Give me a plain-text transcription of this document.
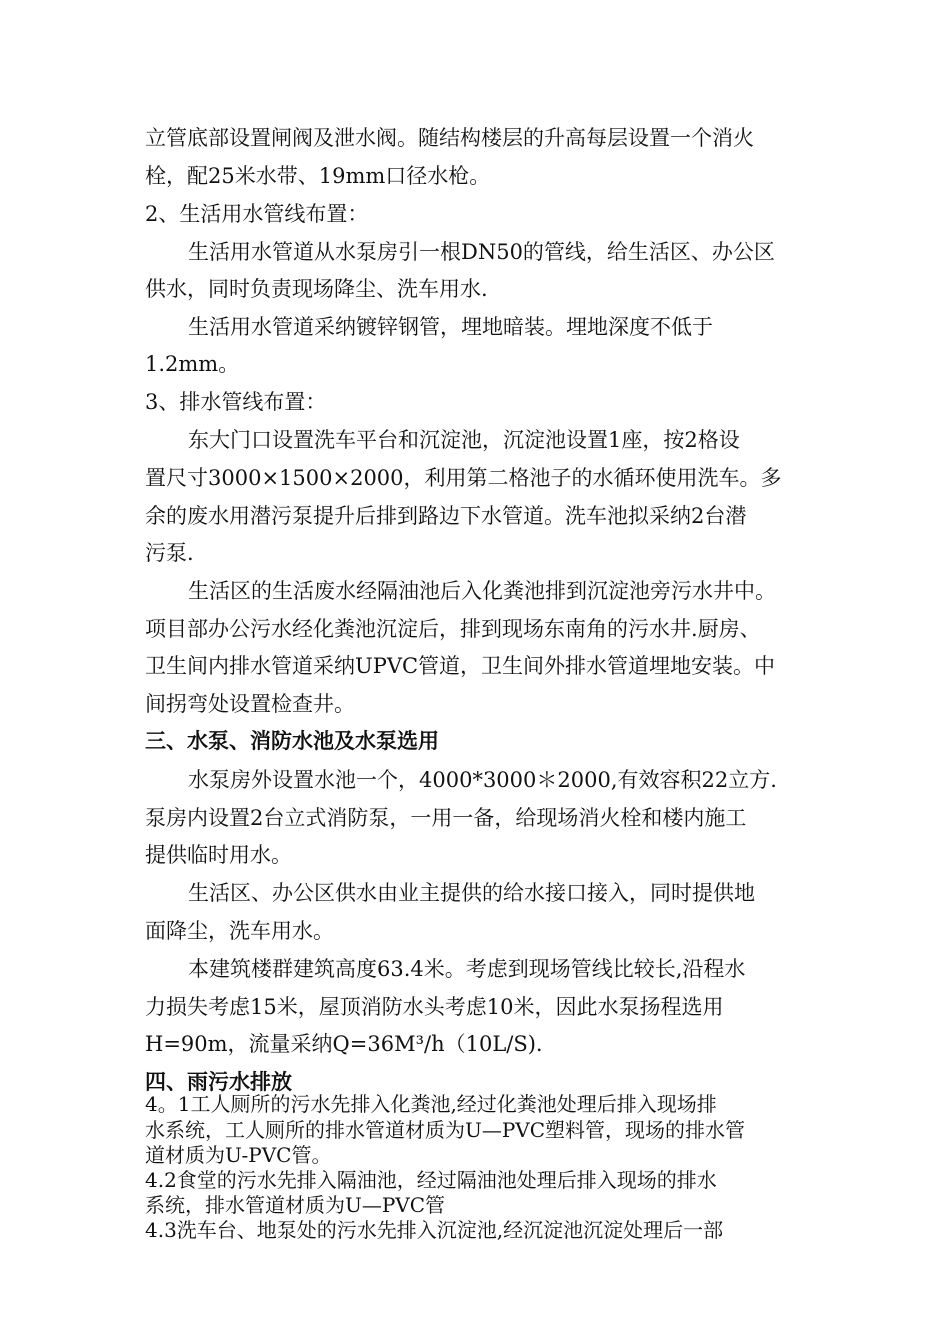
立管底部设置闸阀及泄水阀。随结构楼层的升高每层设置一个消火
栓，配25米水带、19mm口径水枪。
2、生活用水管线布置：
生活用水管道从水泵房引一根DN50的管线，给生活区、办公区
供水，同时负责现场降尘、洗车用水.
生活用水管道采纳镀锌钢管，埋地暗装。埋地深度不低于
1.2mm。
3、排水管线布置：
东大门口设置洗车平台和沉淀池，沉淀池设置1座，按2格设
置尺寸3000×1500×2000，利用第二格池子的水循环使用洗车。多
余的废水用潜污泵提升后排到路边下水管道。洗车池拟采纳2台潜
污泵.
生活区的生活废水经隔油池后入化粪池排到沉淀池旁污水井中。
项目部办公污水经化粪池沉淀后，排到现场东南角的污水井.厨房、
卫生间内排水管道采纳UPVC管道，卫生间外排水管道埋地安装。中
间拐弯处设置检查井。
三、水泵、消防水池及水泵选用
水泵房外设置水池一个，4000*3000＊2000,有效容积22立方.
泵房内设置2台立式消防泵，一用一备，给现场消火栓和楼内施工
提供临时用水。
生活区、办公区供水由业主提供的给水接口接入，同时提供地
面降尘，洗车用水。
本建筑楼群建筑高度63.4米。考虑到现场管线比较长,沿程水
力损失考虑15米，屋顶消防水头考虑10米，因此水泵扬程选用
H=90m，流量采纳Q=36M³/h（10L/S).
四、雨污水排放
4。1工人厕所的污水先排入化粪池,经过化粪池处理后排入现场排
水系统，工人厕所的排水管道材质为U—PVC塑料管，现场的排水管
道材质为U-PVC管。
4.2食堂的污水先排入隔油池，经过隔油池处理后排入现场的排水
系统，排水管道材质为U—PVC管
4.3洗车台、地泵处的污水先排入沉淀池,经沉淀池沉淀处理后一部
